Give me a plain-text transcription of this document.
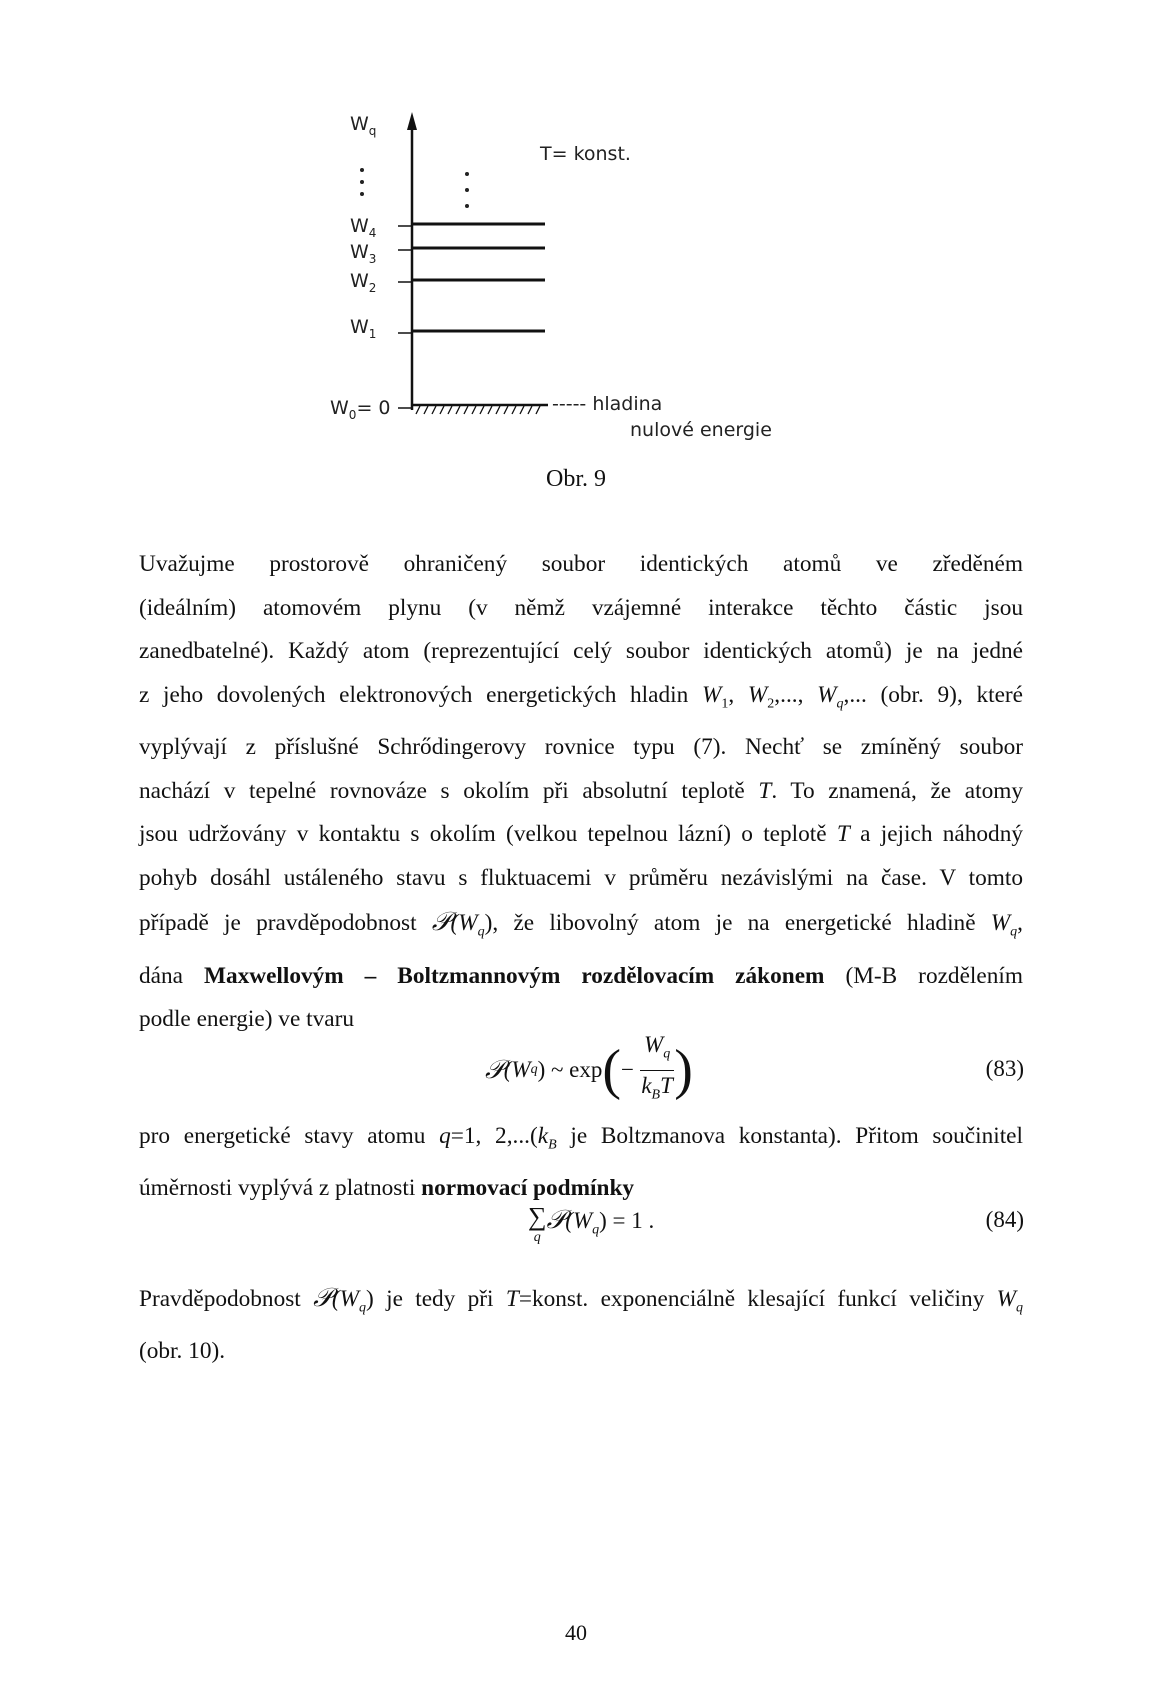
$W_q$
T= konst.
$W_4$
$W_3$
$W_2$
$W_1$
$W_0= 0$	----- hladina
nulové energie
Obr. 9
Uvažujme prostorově ohraničený soubor identických atomů ve zředěném
(ideálním) atomovém plynu (v němž vzájemné interakce těchto částic jsou
zanedbatelné). Každý atom (reprezentující celý soubor identických atomů) je na jedné
z jeho dovolených elektronových energetických hladin $W_1$, $W_2$,..., $W_q$,... (obr. 9), které
vyplývají z příslušné Schrődingerovy rovnice typu (7). Nechť se zmíněný soubor
nachází v tepelné rovnováze s okolím při absolutní teplotě T. To znamená, že atomy
jsou udržovány v kontaktu s okolím (velkou tepelnou lázní) o teplotě T a jejich náhodný
pohyb dosáhl ustáleného stavu s fluktuacemi v průměru nezávislými na čase. V tomto
případě je pravděpodobnost $𝒫(W_q)$, že libovolný atom je na energetické hladině $W_q$,
dána Maxwellovým – Boltzmannovým rozdělovacím zákonem (M-B rozdělením
podle energie) ve tvaru
𝒫 (W q ) ~ exp ( − $\frac{W_q}{k_BT}$ )	(83)
pro energetické stavy atomu q=1, $2,...(k_B$ je Boltzmanova konstanta). Přitom součinitel
úměrnosti vyplývá z platnosti normovací podmínky
∑
q
$𝒫(W_q) = 1$ .	(84)
Pravděpodobnost $𝒫(W_q)$ je tedy při T=konst. exponenciálně klesající funkcí veličiny $W_q$
(obr. 10).
40
